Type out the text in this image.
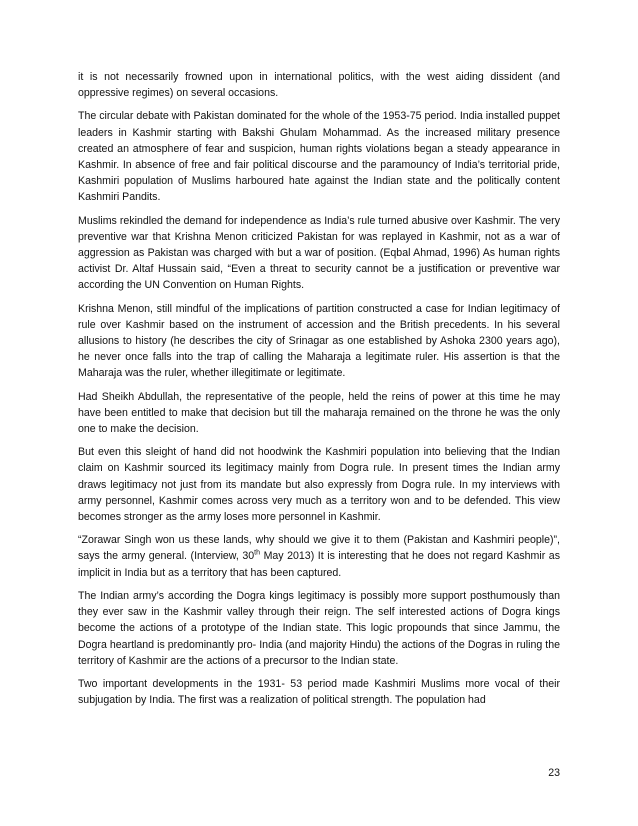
it is not necessarily frowned upon in international politics, with the west aiding dissident (and oppressive regimes) on several occasions.

The circular debate with Pakistan dominated for the whole of the 1953-75 period. India installed puppet leaders in Kashmir starting with Bakshi Ghulam Mohammad. As the increased military presence created an atmosphere of fear and suspicion, human rights violations began a steady appearance in Kashmir. In absence of free and fair political discourse and the paramouncy of India’s territorial pride, Kashmiri population of Muslims harboured hate against the Indian state and the politically content Kashmiri Pandits.

Muslims rekindled the demand for independence as India’s rule turned abusive over Kashmir. The very preventive war that Krishna Menon criticized Pakistan for was replayed in Kashmir, not as a war of aggression as Pakistan was charged with but a war of position. (Eqbal Ahmad, 1996) As human rights activist Dr. Altaf Hussain said, “Even a threat to security cannot be a justification or preventive war according the UN Convention on Human Rights.

Krishna Menon, still mindful of the implications of partition constructed a case for Indian legitimacy of rule over Kashmir based on the instrument of accession and the British precedents. In his several allusions to history (he describes the city of Srinagar as one established by Ashoka 2300 years ago), he never once falls into the trap of calling the Maharaja a legitimate ruler. His assertion is that the Maharaja was the ruler, whether illegitimate or legitimate.

Had Sheikh Abdullah, the representative of the people, held the reins of power at this time he may have been entitled to make that decision but till the maharaja remained on the throne he was the only one to make the decision.

But even this sleight of hand did not hoodwink the Kashmiri population into believing that the Indian claim on Kashmir sourced its legitimacy mainly from Dogra rule. In present times the Indian army draws legitimacy not just from its mandate but also expressly from Dogra rule. In my interviews with army personnel, Kashmir comes across very much as a territory won and to be defended. This view becomes stronger as the army loses more personnel in Kashmir.

“Zorawar Singh won us these lands, why should we give it to them (Pakistan and Kashmiri people)”, says the army general. (Interview, 30th May 2013) It is interesting that he does not regard Kashmir as implicit in India but as a territory that has been captured.

The Indian army’s according the Dogra kings legitimacy is possibly more support posthumously than they ever saw in the Kashmir valley through their reign. The self interested actions of Dogra kings become the actions of a prototype of the Indian state. This logic propounds that since Jammu, the Dogra heartland is predominantly pro- India (and majority Hindu) the actions of the Dogras in ruling the territory of Kashmir are the actions of a precursor to the Indian state.

Two important developments in the 1931- 53 period made Kashmiri Muslims more vocal of their subjugation by India. The first was a realization of political strength. The population had

23
